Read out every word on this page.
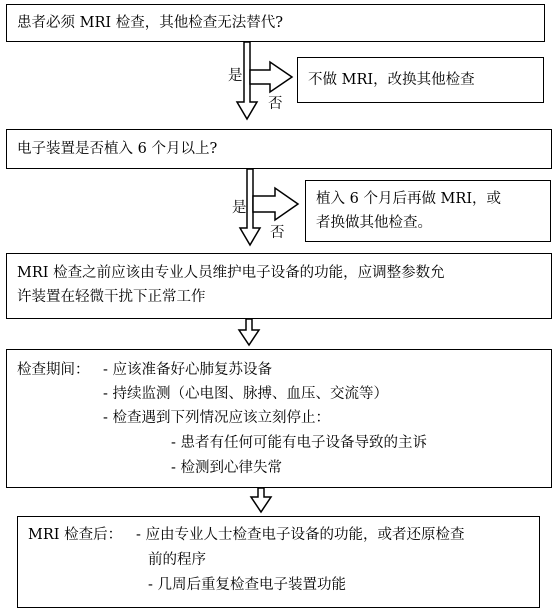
是
否
是
否
患者必须 MRI 检查，其他检查无法替代?
不做 MRI，改换其他检查
电子装置是否植入 6 个月以上?
植入 6 个月后再做 MRI，或
者换做其他检查。
MRI 检查之前应该由专业人员维护电子设备的功能，应调整参数允
许装置在轻微干扰下正常工作
检查期间： - 应该准备好心肺复苏设备
- 持续监测（心电图、脉搏、血压、交流等）
- 检查遇到下列情况应该立刻停止：
- 患者有任何可能有电子设备导致的主诉
- 检测到心律失常
MRI 检查后： - 应由专业人士检查电子设备的功能，或者还原检查
前的程序
- 几周后重复检查电子装置功能
